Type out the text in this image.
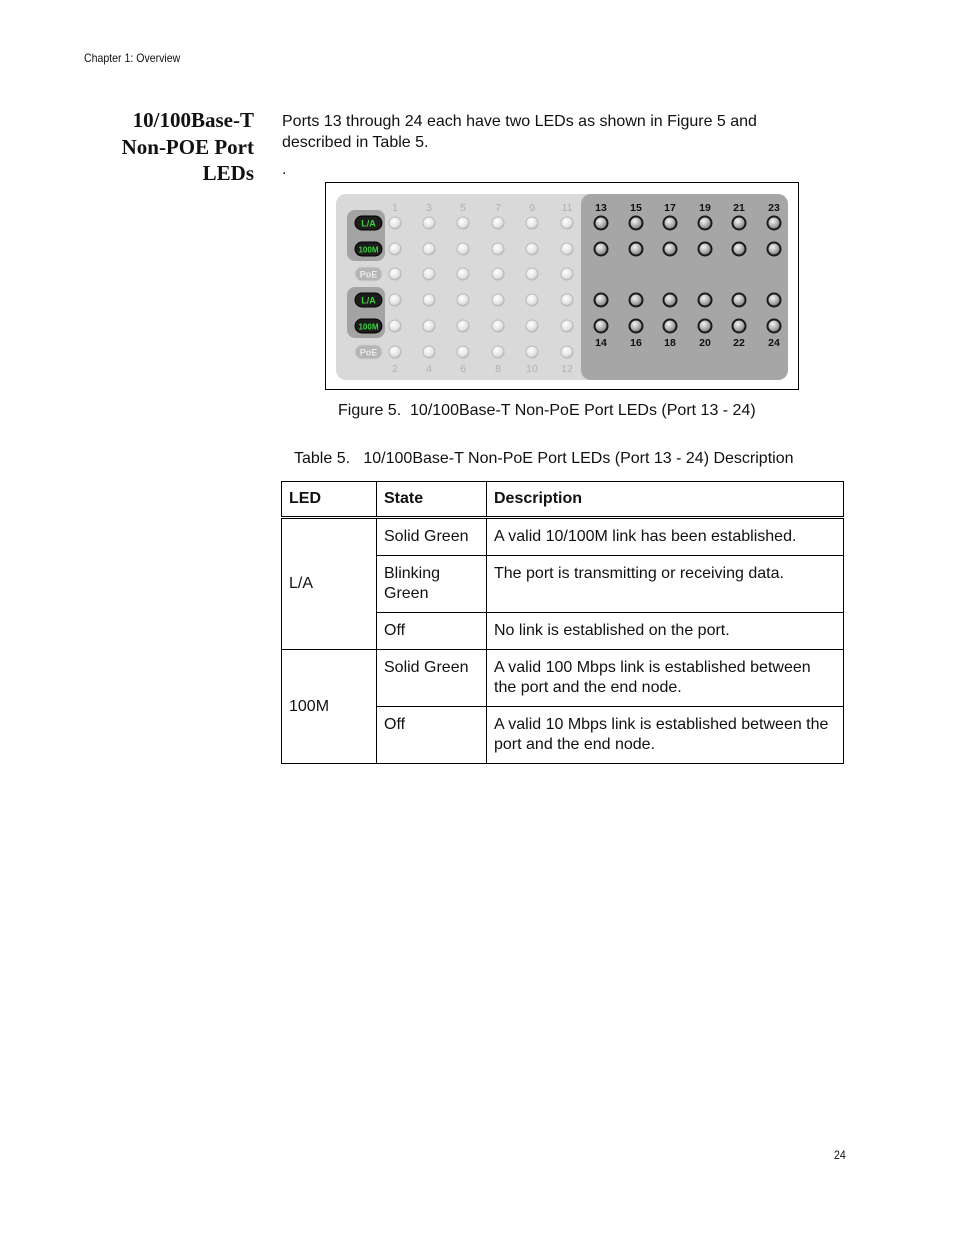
Chapter 1: Overview
10/100Base-T
Non-POE Port
LEDs
Ports 13 through 24 each have two LEDs as shown in Figure 5 and described in Table 5.
.
L/A
100M
PoE
L/A
100M
PoE
1	3	5	7	9	11 13 15 17 19 21 23
2	4	6	8 10 12
14 16 18 20 22 24
Figure 5.  10/100Base-T Non-PoE Port LEDs (Port 13 - 24)
Table 5.   10/100Base-T Non-PoE Port LEDs (Port 13 - 24) Description
LED	State	Description
L/A	Solid Green	A valid 10/100M link has been established.
	Blinking Green	The port is transmitting or receiving data.
	Off	No link is established on the port.
100M	Solid Green	A valid 100 Mbps link is established between the port and the end node.
	Off	A valid 10 Mbps link is established between the port and the end node.
24
